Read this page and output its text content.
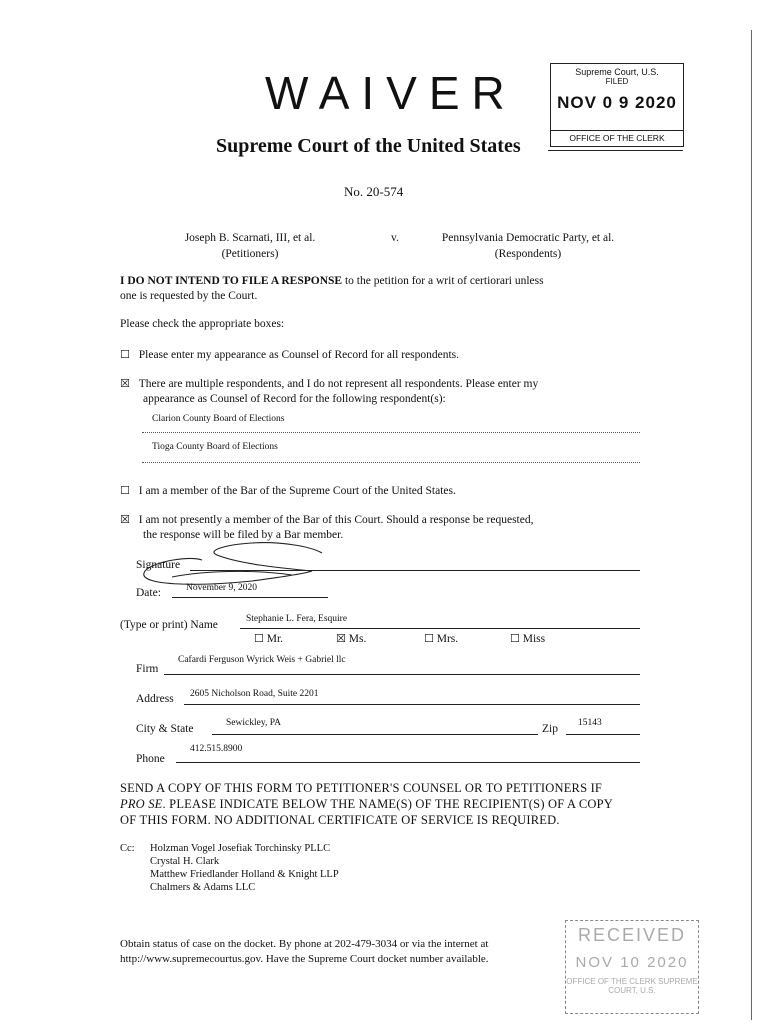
WAIVER	Supreme Court, U.S.
FILED
NOV 0 9 2020
OFFICE OF THE CLERK
Supreme Court of the United States
No. 20-574
Joseph B. Scarnati, III, et al.
(Petitioners)
v.	Pennsylvania Democratic Party, et al.
(Respondents)
I DO NOT INTEND TO FILE A RESPONSE to the petition for a writ of certiorari unless
one is requested by the Court.
Please check the appropriate boxes:
☐ Please enter my appearance as Counsel of Record for all respondents.
☒ There are multiple respondents, and I do not represent all respondents. Please enter my
appearance as Counsel of Record for the following respondent(s):
Clarion County Board of Elections
Tioga County Board of Elections
☐ I am a member of the Bar of the Supreme Court of the United States.
☒ I am not presently a member of the Bar of this Court. Should a response be requested,
the response will be filed by a Bar member.
Signature
Date:	November 9, 2020
(Type or print) Name	Stephanie L. Fera, Esquire
☐ Mr.	☒ Ms.	☐ Mrs.	☐ Miss
Firm
Cafardi Ferguson Wyrick Weis + Gabriel llc
Address 2605 Nicholson Road, Suite 2201
City & State	Sewickley, PA	Zip 15143
Phone
412.515.8900
SEND A COPY OF THIS FORM TO PETITIONER'S COUNSEL OR TO PETITIONERS IF
PRO SE. PLEASE INDICATE BELOW THE NAME(S) OF THE RECIPIENT(S) OF A COPY
OF THIS FORM. NO ADDITIONAL CERTIFICATE OF SERVICE IS REQUIRED.
Cc: Holzman Vogel Josefiak Torchinsky PLLC
Crystal H. Clark
Matthew Friedlander Holland & Knight LLP
Chalmers & Adams LLC
Obtain status of case on the docket. By phone at 202-479-3034 or via the internet at
http://www.supremecourtus.gov. Have the Supreme Court docket number available.
RECEIVED
NOV 10 2020
OFFICE OF THE CLERK SUPREME COURT, U.S.
